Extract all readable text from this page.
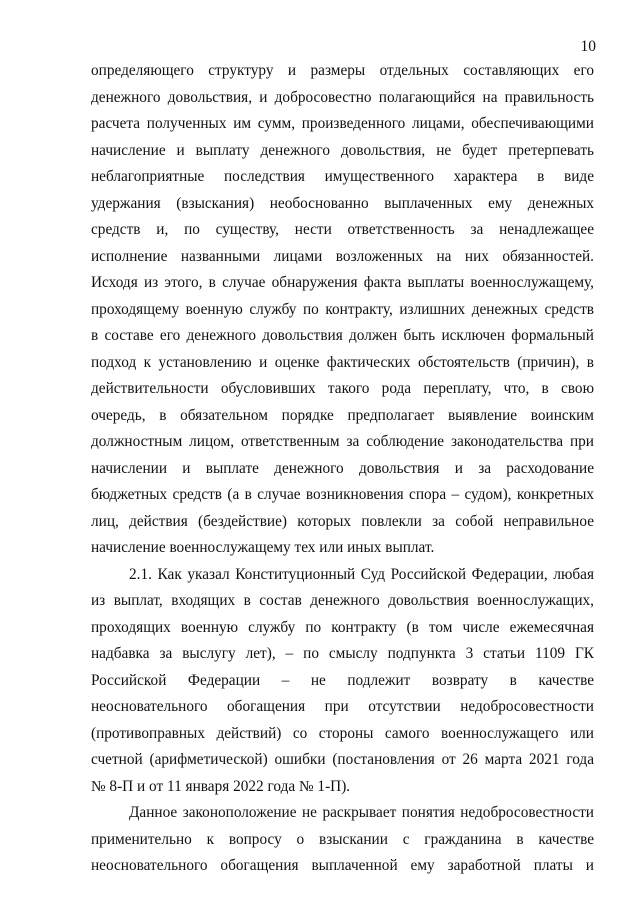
10
определяющего структуру и размеры отдельных составляющих его
денежного довольствия, и добросовестно полагающийся на правильность
расчета полученных им сумм, произведенного лицами, обеспечивающими
начисление и выплату денежного довольствия, не будет претерпевать
неблагоприятные последствия имущественного характера в виде
удержания (взыскания) необоснованно выплаченных ему денежных
средств и, по существу, нести ответственность за ненадлежащее
исполнение названными лицами возложенных на них обязанностей.
Исходя из этого, в случае обнаружения факта выплаты военнослужащему,
проходящему военную службу по контракту, излишних денежных средств
в составе его денежного довольствия должен быть исключен формальный
подход к установлению и оценке фактических обстоятельств (причин), в
действительности обусловивших такого рода переплату, что, в свою
очередь, в обязательном порядке предполагает выявление воинским
должностным лицом, ответственным за соблюдение законодательства при
начислении и выплате денежного довольствия и за расходование
бюджетных средств (а в случае возникновения спора – судом), конкретных
лиц, действия (бездействие) которых повлекли за собой неправильное
начисление военнослужащему тех или иных выплат.
2.1. Как указал Конституционный Суд Российской Федерации, любая
из выплат, входящих в состав денежного довольствия военнослужащих,
проходящих военную службу по контракту (в том числе ежемесячная
надбавка за выслугу лет), – по смыслу подпункта 3 статьи 1109 ГК
Российской Федерации – не подлежит возврату в качестве
неосновательного обогащения при отсутствии недобросовестности
(противоправных действий) со стороны самого военнослужащего или
счетной (арифметической) ошибки (постановления от 26 марта 2021 года
№ 8-П и от 11 января 2022 года № 1-П).
Данное законоположение не раскрывает понятия недобросовестности
применительно к вопросу о взыскании с гражданина в качестве
неосновательного обогащения выплаченной ему заработной платы и
